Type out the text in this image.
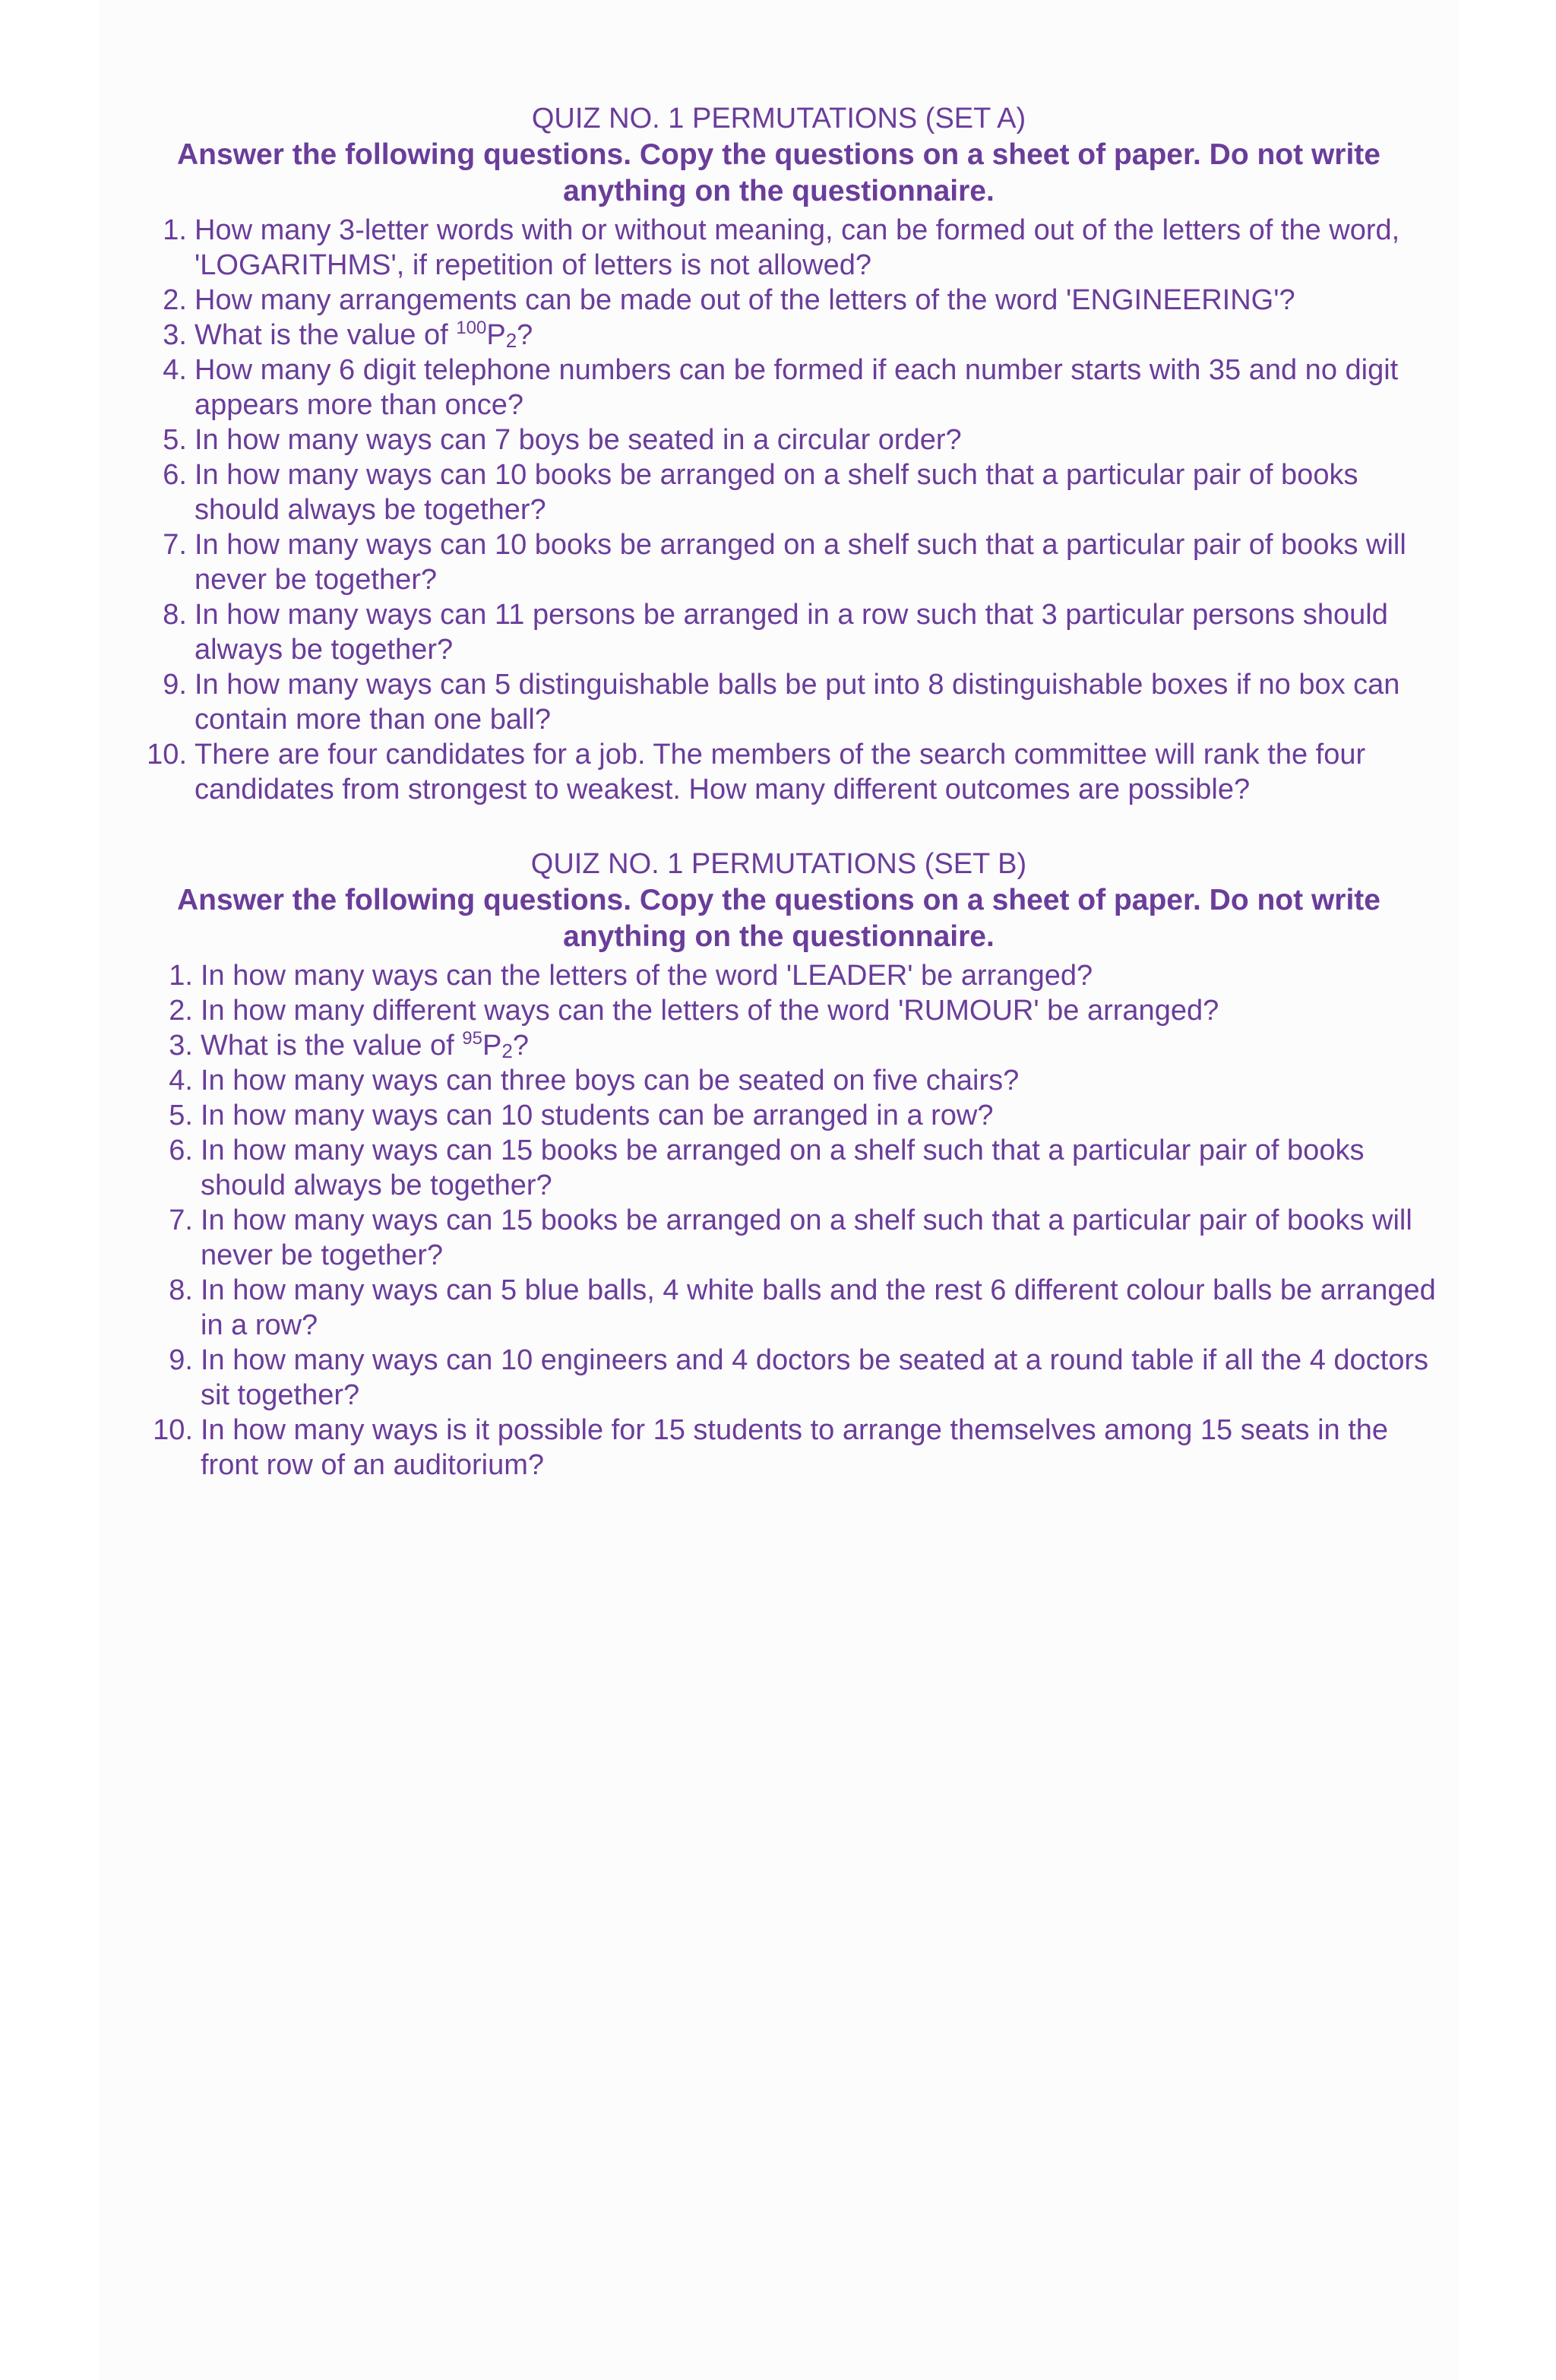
QUIZ NO. 1 PERMUTATIONS (SET A)
Answer the following questions. Copy the questions on a sheet of paper. Do not write
anything on the questionnaire.
1. How many 3-letter words with or without meaning, can be formed out of the letters of the word, 'LOGARITHMS', if repetition of letters is not allowed?
2. How many arrangements can be made out of the letters of the word 'ENGINEERING'?
3. What is the value of $^{100}P_2$?
4. How many 6 digit telephone numbers can be formed if each number starts with 35 and no digit appears more than once?
5. In how many ways can 7 boys be seated in a circular order?
6. In how many ways can 10 books be arranged on a shelf such that a particular pair of books should always be together?
7. In how many ways can 10 books be arranged on a shelf such that a particular pair of books will never be together?
8. In how many ways can 11 persons be arranged in a row such that 3 particular persons should always be together?
9. In how many ways can 5 distinguishable balls be put into 8 distinguishable boxes if no box can contain more than one ball?
10. There are four candidates for a job. The members of the search committee will rank the four candidates from strongest to weakest. How many different outcomes are possible?
QUIZ NO. 1 PERMUTATIONS (SET B)
Answer the following questions. Copy the questions on a sheet of paper. Do not write
anything on the questionnaire.
1. In how many ways can the letters of the word 'LEADER' be arranged?
2. In how many different ways can the letters of the word 'RUMOUR' be arranged?
3. What is the value of $^{95}P_2$?
4. In how many ways can three boys can be seated on five chairs?
5. In how many ways can 10 students can be arranged in a row?
6. In how many ways can 15 books be arranged on a shelf such that a particular pair of books should always be together?
7. In how many ways can 15 books be arranged on a shelf such that a particular pair of books will never be together?
8. In how many ways can 5 blue balls, 4 white balls and the rest 6 different colour balls be arranged in a row?
9. In how many ways can 10 engineers and 4 doctors be seated at a round table if all the 4 doctors sit together?
10. In how many ways is it possible for 15 students to arrange themselves among 15 seats in the front row of an auditorium?
